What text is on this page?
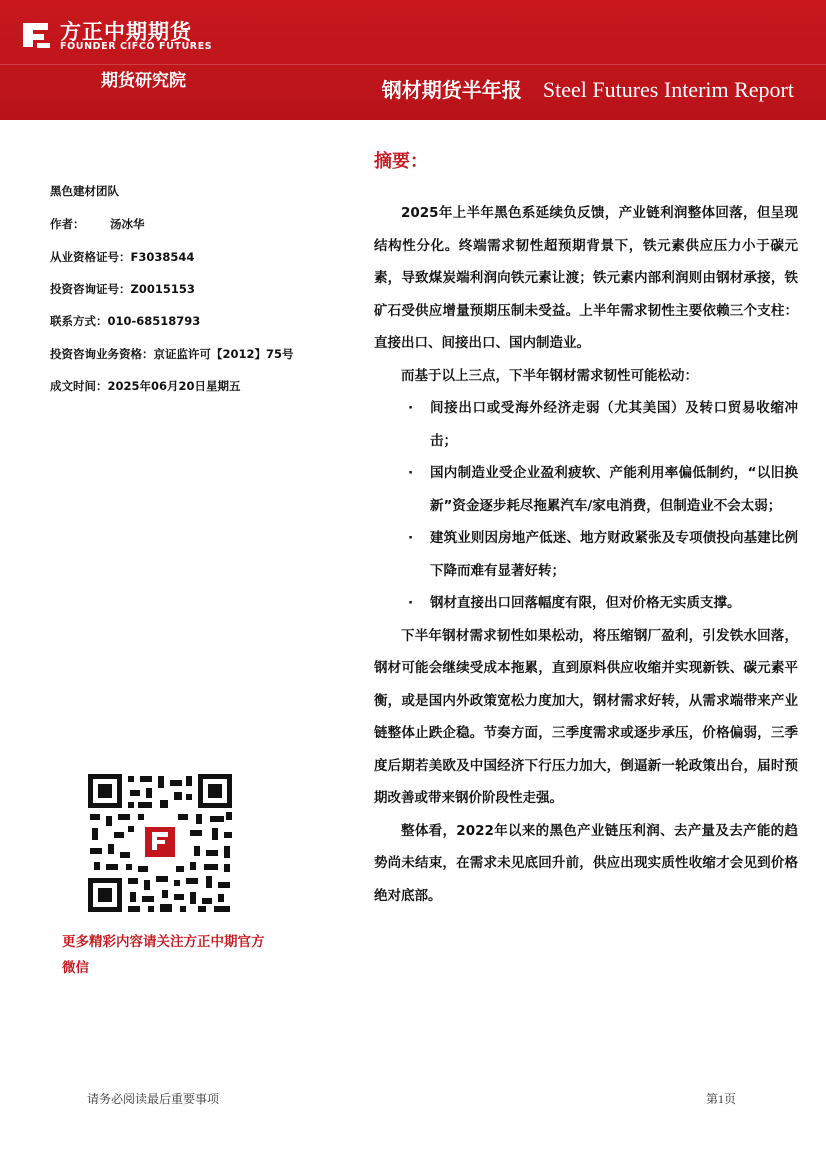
方正中期期货
FOUNDER CIFCO FUTURES
期货研究院	钢材期货半年报 Steel Futures Interim Report
黑色建材团队
作者： 汤冰华
从业资格证号：F3038544
投资咨询证号：Z0015153
联系方式：010-68518793
投资咨询业务资格：京证监许可【2012】75号
成文时间：2025年06月20日星期五
更多精彩内容请关注方正中期官方
微信
摘要：

2025年上半年黑色系延续负反馈，产业链利润整体回落，但呈现结构性分化。终端需求韧性超预期背景下，铁元素供应压力小于碳元素，导致煤炭端利润向铁元素让渡；铁元素内部利润则由钢材承接，铁矿石受供应增量预期压制未受益。上半年需求韧性主要依赖三个支柱：直接出口、间接出口、国内制造业。

而基于以上三点，下半年钢材需求韧性可能松动：

· 间接出口或受海外经济走弱（尤其美国）及转口贸易收缩冲击；
· 国内制造业受企业盈利疲软、产能利用率偏低制约，“以旧换新”资金逐步耗尽拖累汽车/家电消费，但制造业不会太弱；
· 建筑业则因房地产低迷、地方财政紧张及专项债投向基建比例下降而难有显著好转；
· 钢材直接出口回落幅度有限，但对价格无实质支撑。

下半年钢材需求韧性如果松动，将压缩钢厂盈利，引发铁水回落，钢材可能会继续受成本拖累，直到原料供应收缩并实现新铁、碳元素平衡，或是国内外政策宽松力度加大，钢材需求好转，从需求端带来产业链整体止跌企稳。节奏方面，三季度需求或逐步承压，价格偏弱，三季度后期若美欧及中国经济下行压力加大，倒逼新一轮政策出台，届时预期改善或带来钢价阶段性走强。

整体看，2022年以来的黑色产业链压利润、去产量及去产能的趋势尚未结束，在需求未见底回升前，供应出现实质性收缩才会见到价格绝对底部。

请务必阅读最后重要事项	第1页
